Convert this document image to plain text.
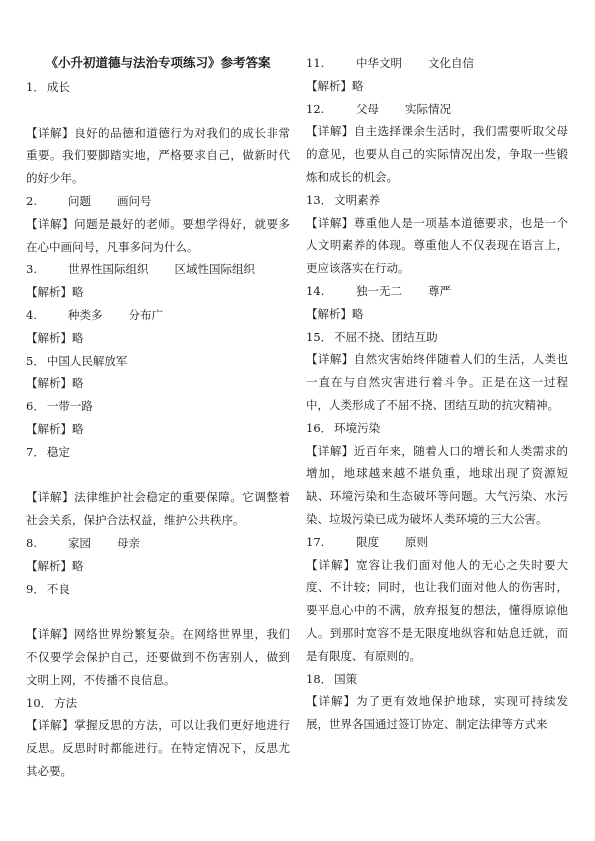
《小升初道德与法治专项练习》参考答案
1． 成长
【详解】良好的品德和道德行为对我们的成长非常重要。我们要脚踏实地，严格要求自己，做新时代的好少年。
2.	问题 画问号
【详解】问题是最好的老师。要想学得好，就要多在心中画问号，凡事多问为什么。
3.	世界性国际组织 区域性国际组织
【解析】略
4.	种类多 分布广
【解析】略
5． 中国人民解放军
【解析】略
6． 一带一路
【解析】略
7． 稳定
【详解】法律维护社会稳定的重要保障。它调整着社会关系，保护合法权益，维护公共秩序。
8.	家园 母亲
【解析】略
9． 不良
【详解】网络世界纷繁复杂。在网络世界里，我们不仅要学会保护自己，还要做到不伤害别人，做到文明上网，不传播不良信息。
10． 方法
【详解】掌握反思的方法，可以让我们更好地进行反思。反思时时都能进行。在特定情况下，反思尤其必要。
11.	中华文明 文化自信
【解析】略
12.	父母 实际情况
【详解】自主选择课余生活时，我们需要听取父母的意见，也要从自己的实际情况出发，争取一些锻炼和成长的机会。
13． 文明素养
【详解】尊重他人是一项基本道德要求，也是一个人文明素养的体现。尊重他人不仅表现在语言上，更应该落实在行动。
14.	独一无二 尊严
【解析】略
15． 不屈不挠、团结互助
【详解】自然灾害始终伴随着人们的生活，人类也一直在与自然灾害进行着斗争。正是在这一过程中，人类形成了不屈不挠、团结互助的抗灾精神。
16． 环境污染
【详解】近百年来，随着人口的增长和人类需求的增加，地球越来越不堪负重，地球出现了资源短缺、环境污染和生态破坏等问题。大气污染、水污染、垃圾污染已成为破坏人类环境的三大公害。
17.	限度 原则
【详解】宽容让我们面对他人的无心之失时要大度、不计较；同时，也让我们面对他人的伤害时，要平息心中的不满，放弃报复的想法，懂得原谅他人。到那时宽容不是无限度地纵容和姑息迁就，而是有限度、有原则的。
18． 国策
【详解】为了更有效地保护地球，实现可持续发展，世界各国通过签订协定、制定法律等方式来
